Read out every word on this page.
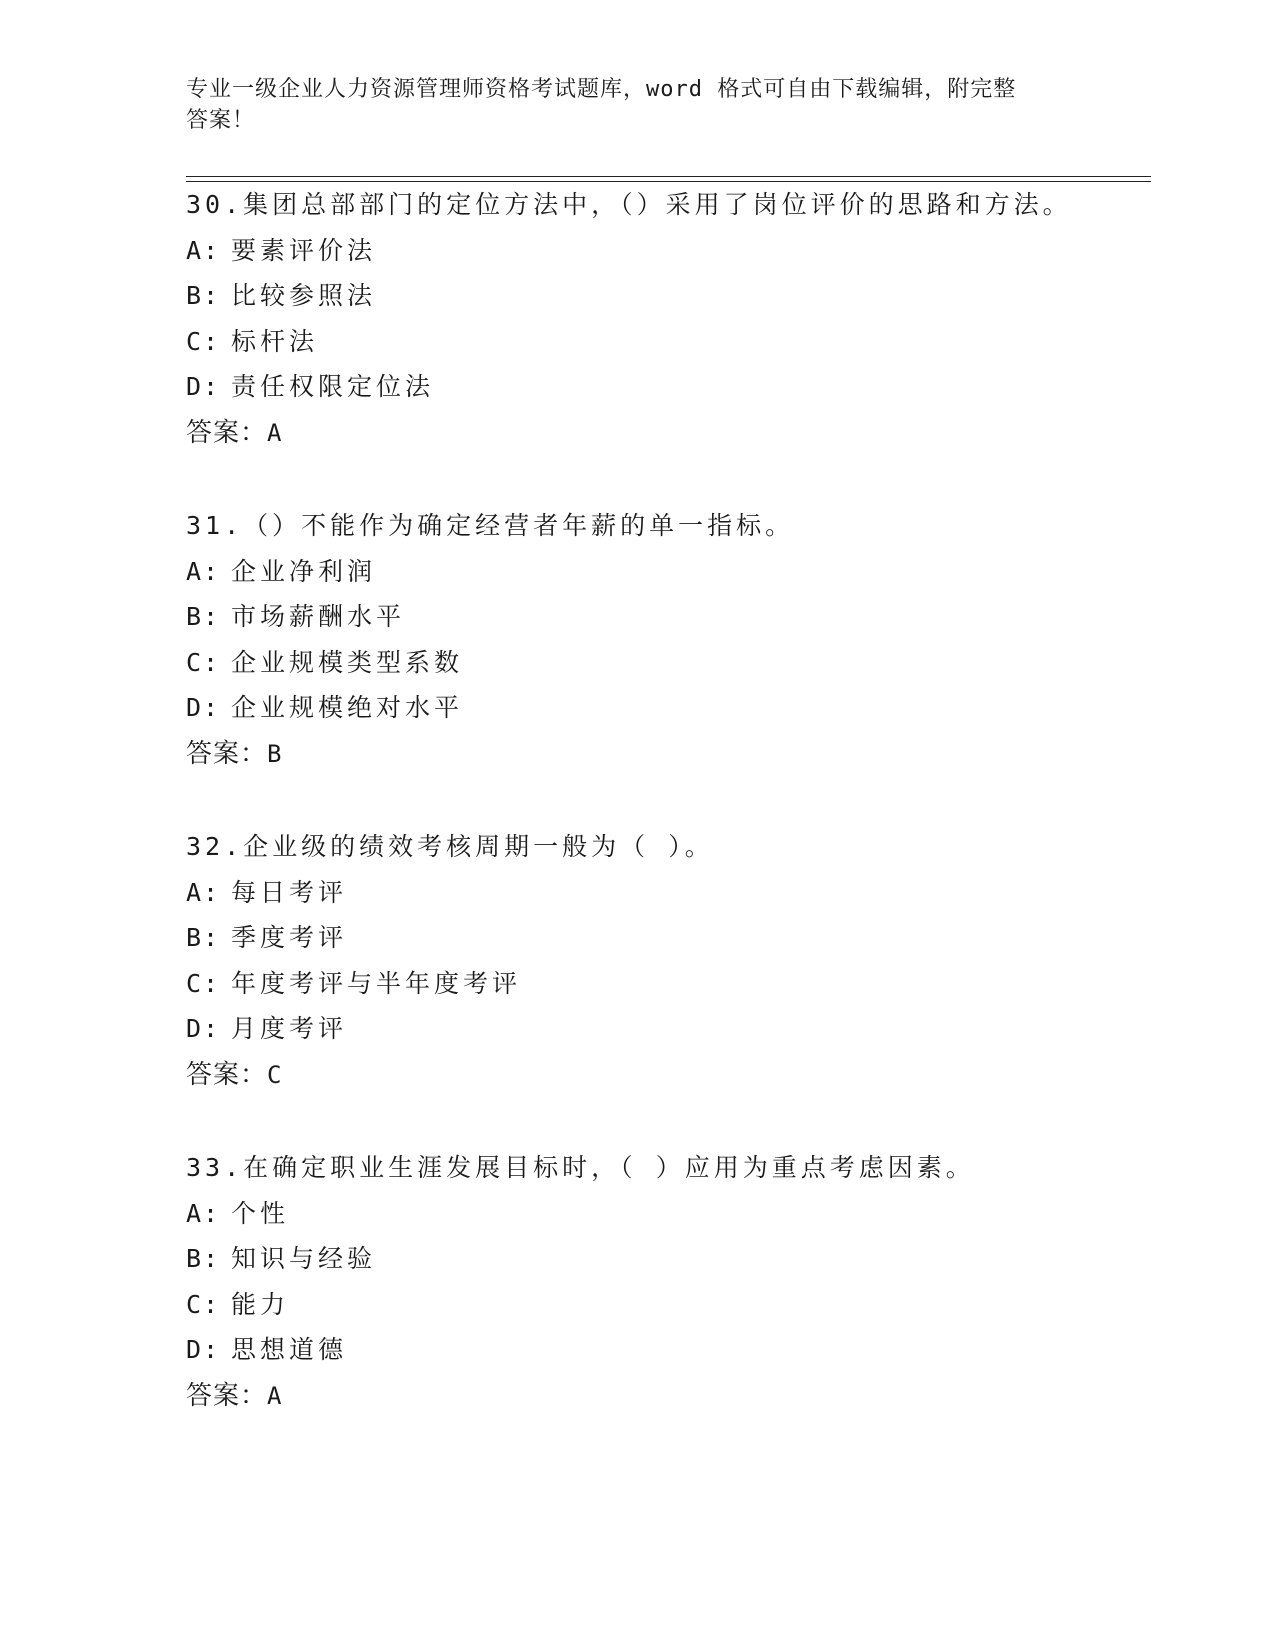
专业一级企业人力资源管理师资格考试题库，word 格式可自由下载编辑，附完整
答案！
30.集团总部部门的定位方法中，（）采用了岗位评价的思路和方法。
A: 要素评价法
B: 比较参照法
C: 标杆法
D: 责任权限定位法
答案：A
31.（）不能作为确定经营者年薪的单一指标。
A: 企业净利润
B: 市场薪酬水平
C: 企业规模类型系数
D: 企业规模绝对水平
答案：B
32.企业级的绩效考核周期一般为（ ）。
A: 每日考评
B: 季度考评
C: 年度考评与半年度考评
D: 月度考评
答案：C
33.在确定职业生涯发展目标时，（ ）应用为重点考虑因素。
A: 个性
B: 知识与经验
C: 能力
D: 思想道德
答案：A
